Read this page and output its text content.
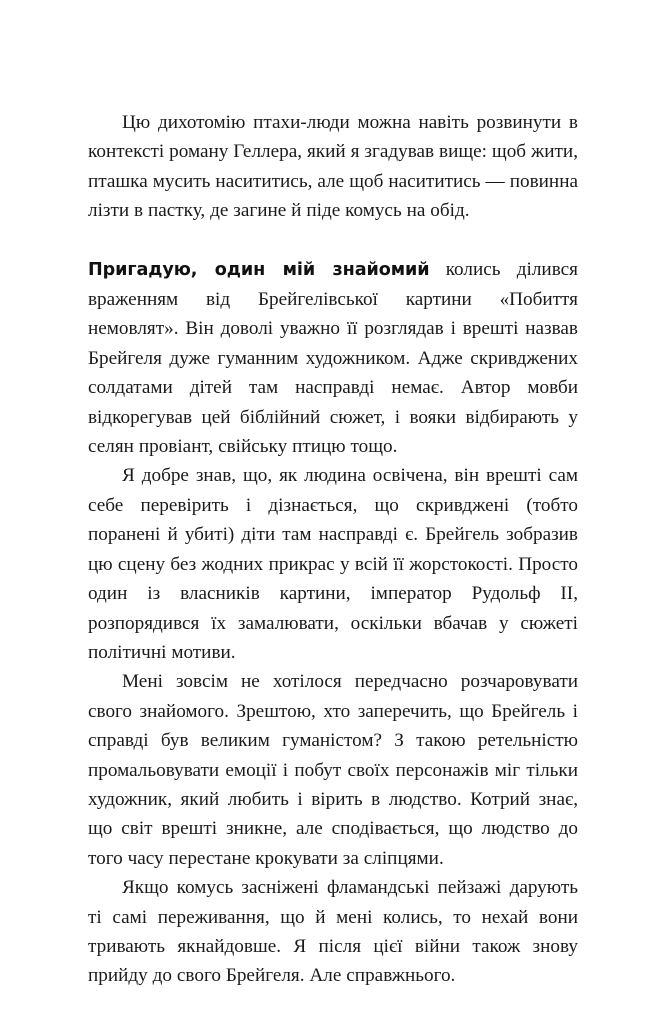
Цю дихотомію птахи-люди можна навіть розвинути в контексті роману Геллера, який я згадував вище: щоб жити, пташка мусить насититись, але щоб насититись — повинна лізти в пастку, де загине й піде комусь на обід.

Пригадую, один мій знайомий колись ділився враженням від Брейгелівської картини «Побиття немовлят». Він доволі уважно її розглядав і врешті назвав Брейгеля дуже гуманним художником. Адже скривджених солдатами дітей там насправді немає. Автор мовби відкорегував цей біблійний сюжет, і вояки відбирають у селян провіант, свійську птицю тощо.

Я добре знав, що, як людина освічена, він врешті сам себе перевірить і дізнається, що скривджені (тобто поранені й убиті) діти там насправді є. Брейгель зобразив цю сцену без жодних прикрас у всій її жорстокості. Просто один із власників картини, імператор Рудольф II, розпорядився їх замалювати, оскільки вбачав у сюжеті політичні мотиви.

Мені зовсім не хотілося передчасно розчаровувати свого знайомого. Зрештою, хто заперечить, що Брейгель і справді був великим гуманістом? З такою ретельністю промальовувати емоції і побут своїх персонажів міг тільки художник, який любить і вірить в людство. Котрий знає, що світ врешті зникне, але сподівається, що людство до того часу перестане крокувати за сліпцями.

Якщо комусь засніжені фламандські пейзажі дарують ті самі переживання, що й мені колись, то нехай вони тривають якнайдовше. Я після цієї війни також знову прийду до свого Брейгеля. Але справжнього.
